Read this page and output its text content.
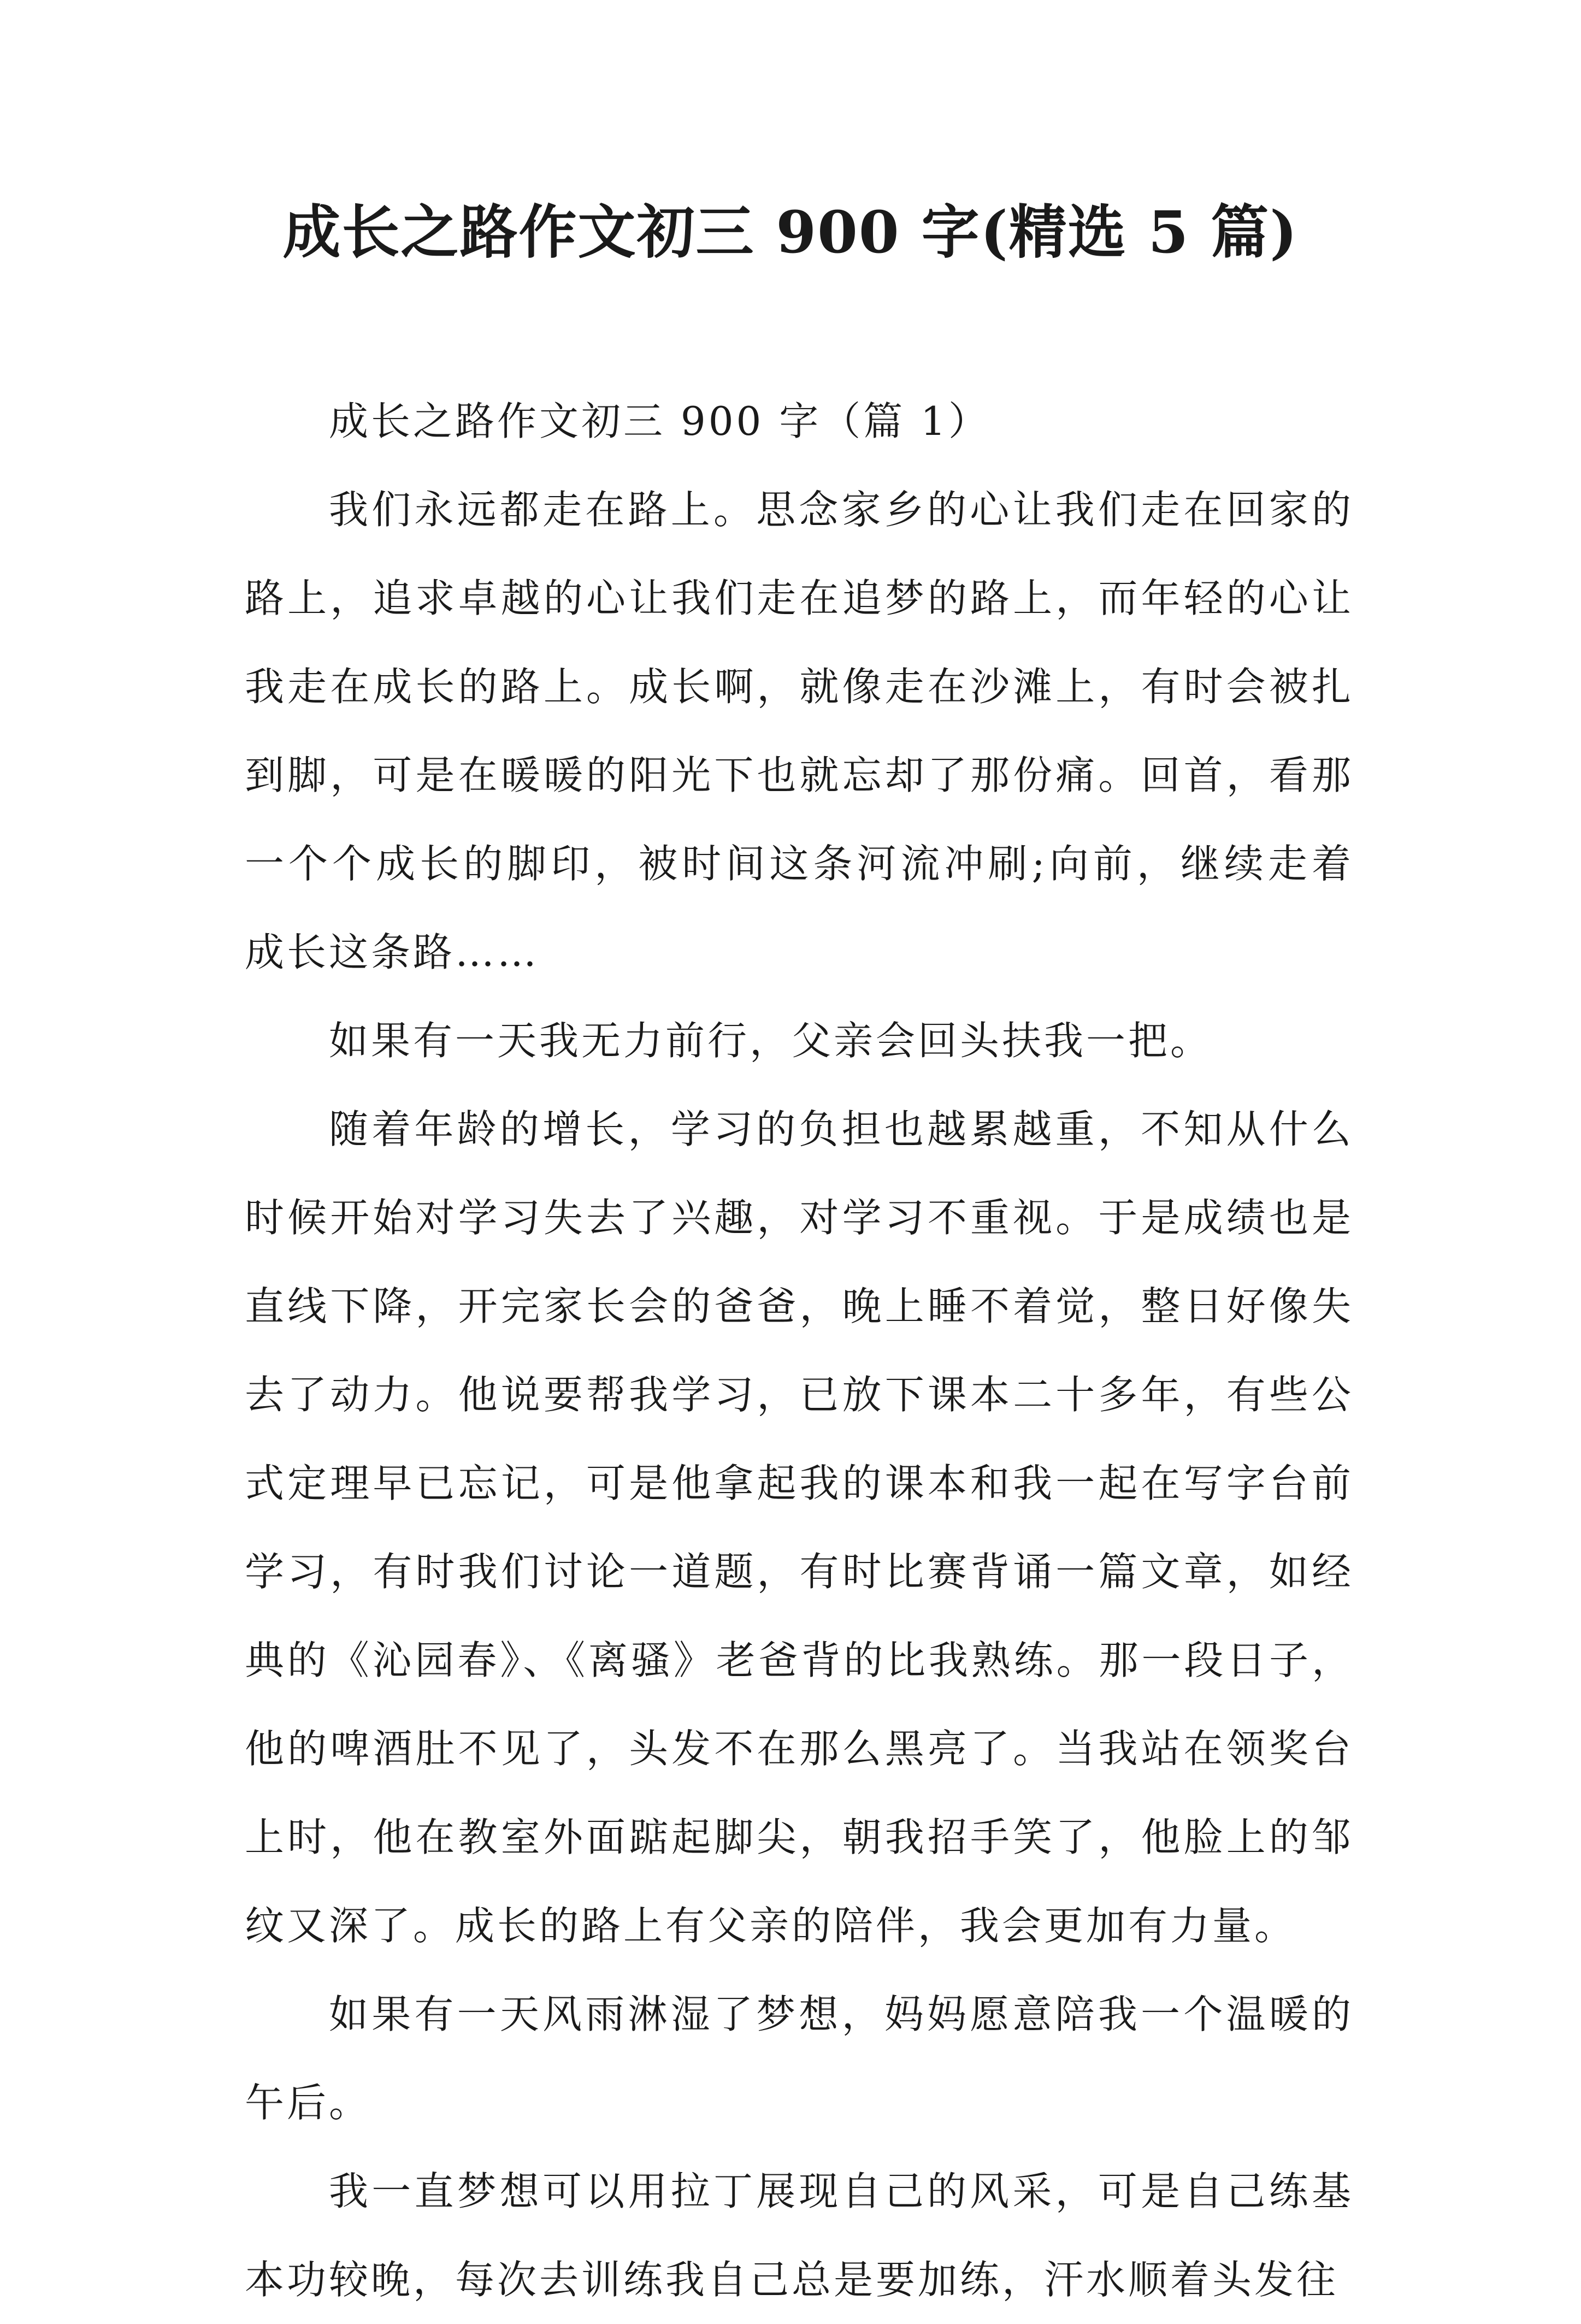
成长之路作文初三 900 字(精选 5 篇)
成长之路作文初三 900 字（篇 1）

我们永远都走在路上。思念家乡的心让我们走在回家的路上，追求卓越的心让我们走在追梦的路上，而年轻的心让我走在成长的路上。成长啊，就像走在沙滩上，有时会被扎到脚，可是在暖暖的阳光下也就忘却了那份痛。回首，看那一个个成长的脚印，被时间这条河流冲刷;向前，继续走着成长这条路……

如果有一天我无力前行，父亲会回头扶我一把。

随着年龄的增长，学习的负担也越累越重，不知从什么时候开始对学习失去了兴趣，对学习不重视。于是成绩也是直线下降，开完家长会的爸爸，晚上睡不着觉，整日好像失去了动力。他说要帮我学习，已放下课本二十多年，有些公式定理早已忘记，可是他拿起我的课本和我一起在写字台前学习，有时我们讨论一道题，有时比赛背诵一篇文章，如经典的《沁园春》、《离骚》老爸背的比我熟练。那一段日子，他的啤酒肚不见了，头发不在那么黑亮了。当我站在领奖台上时，他在教室外面踮起脚尖，朝我招手笑了，他脸上的邹纹又深了。成长的路上有父亲的陪伴，我会更加有力量。

如果有一天风雨淋湿了梦想，妈妈愿意陪我一个温暖的午后。

我一直梦想可以用拉丁展现自己的风采，可是自己练基本功较晚，每次去训练我自己总是要加练，汗水顺着头发往
